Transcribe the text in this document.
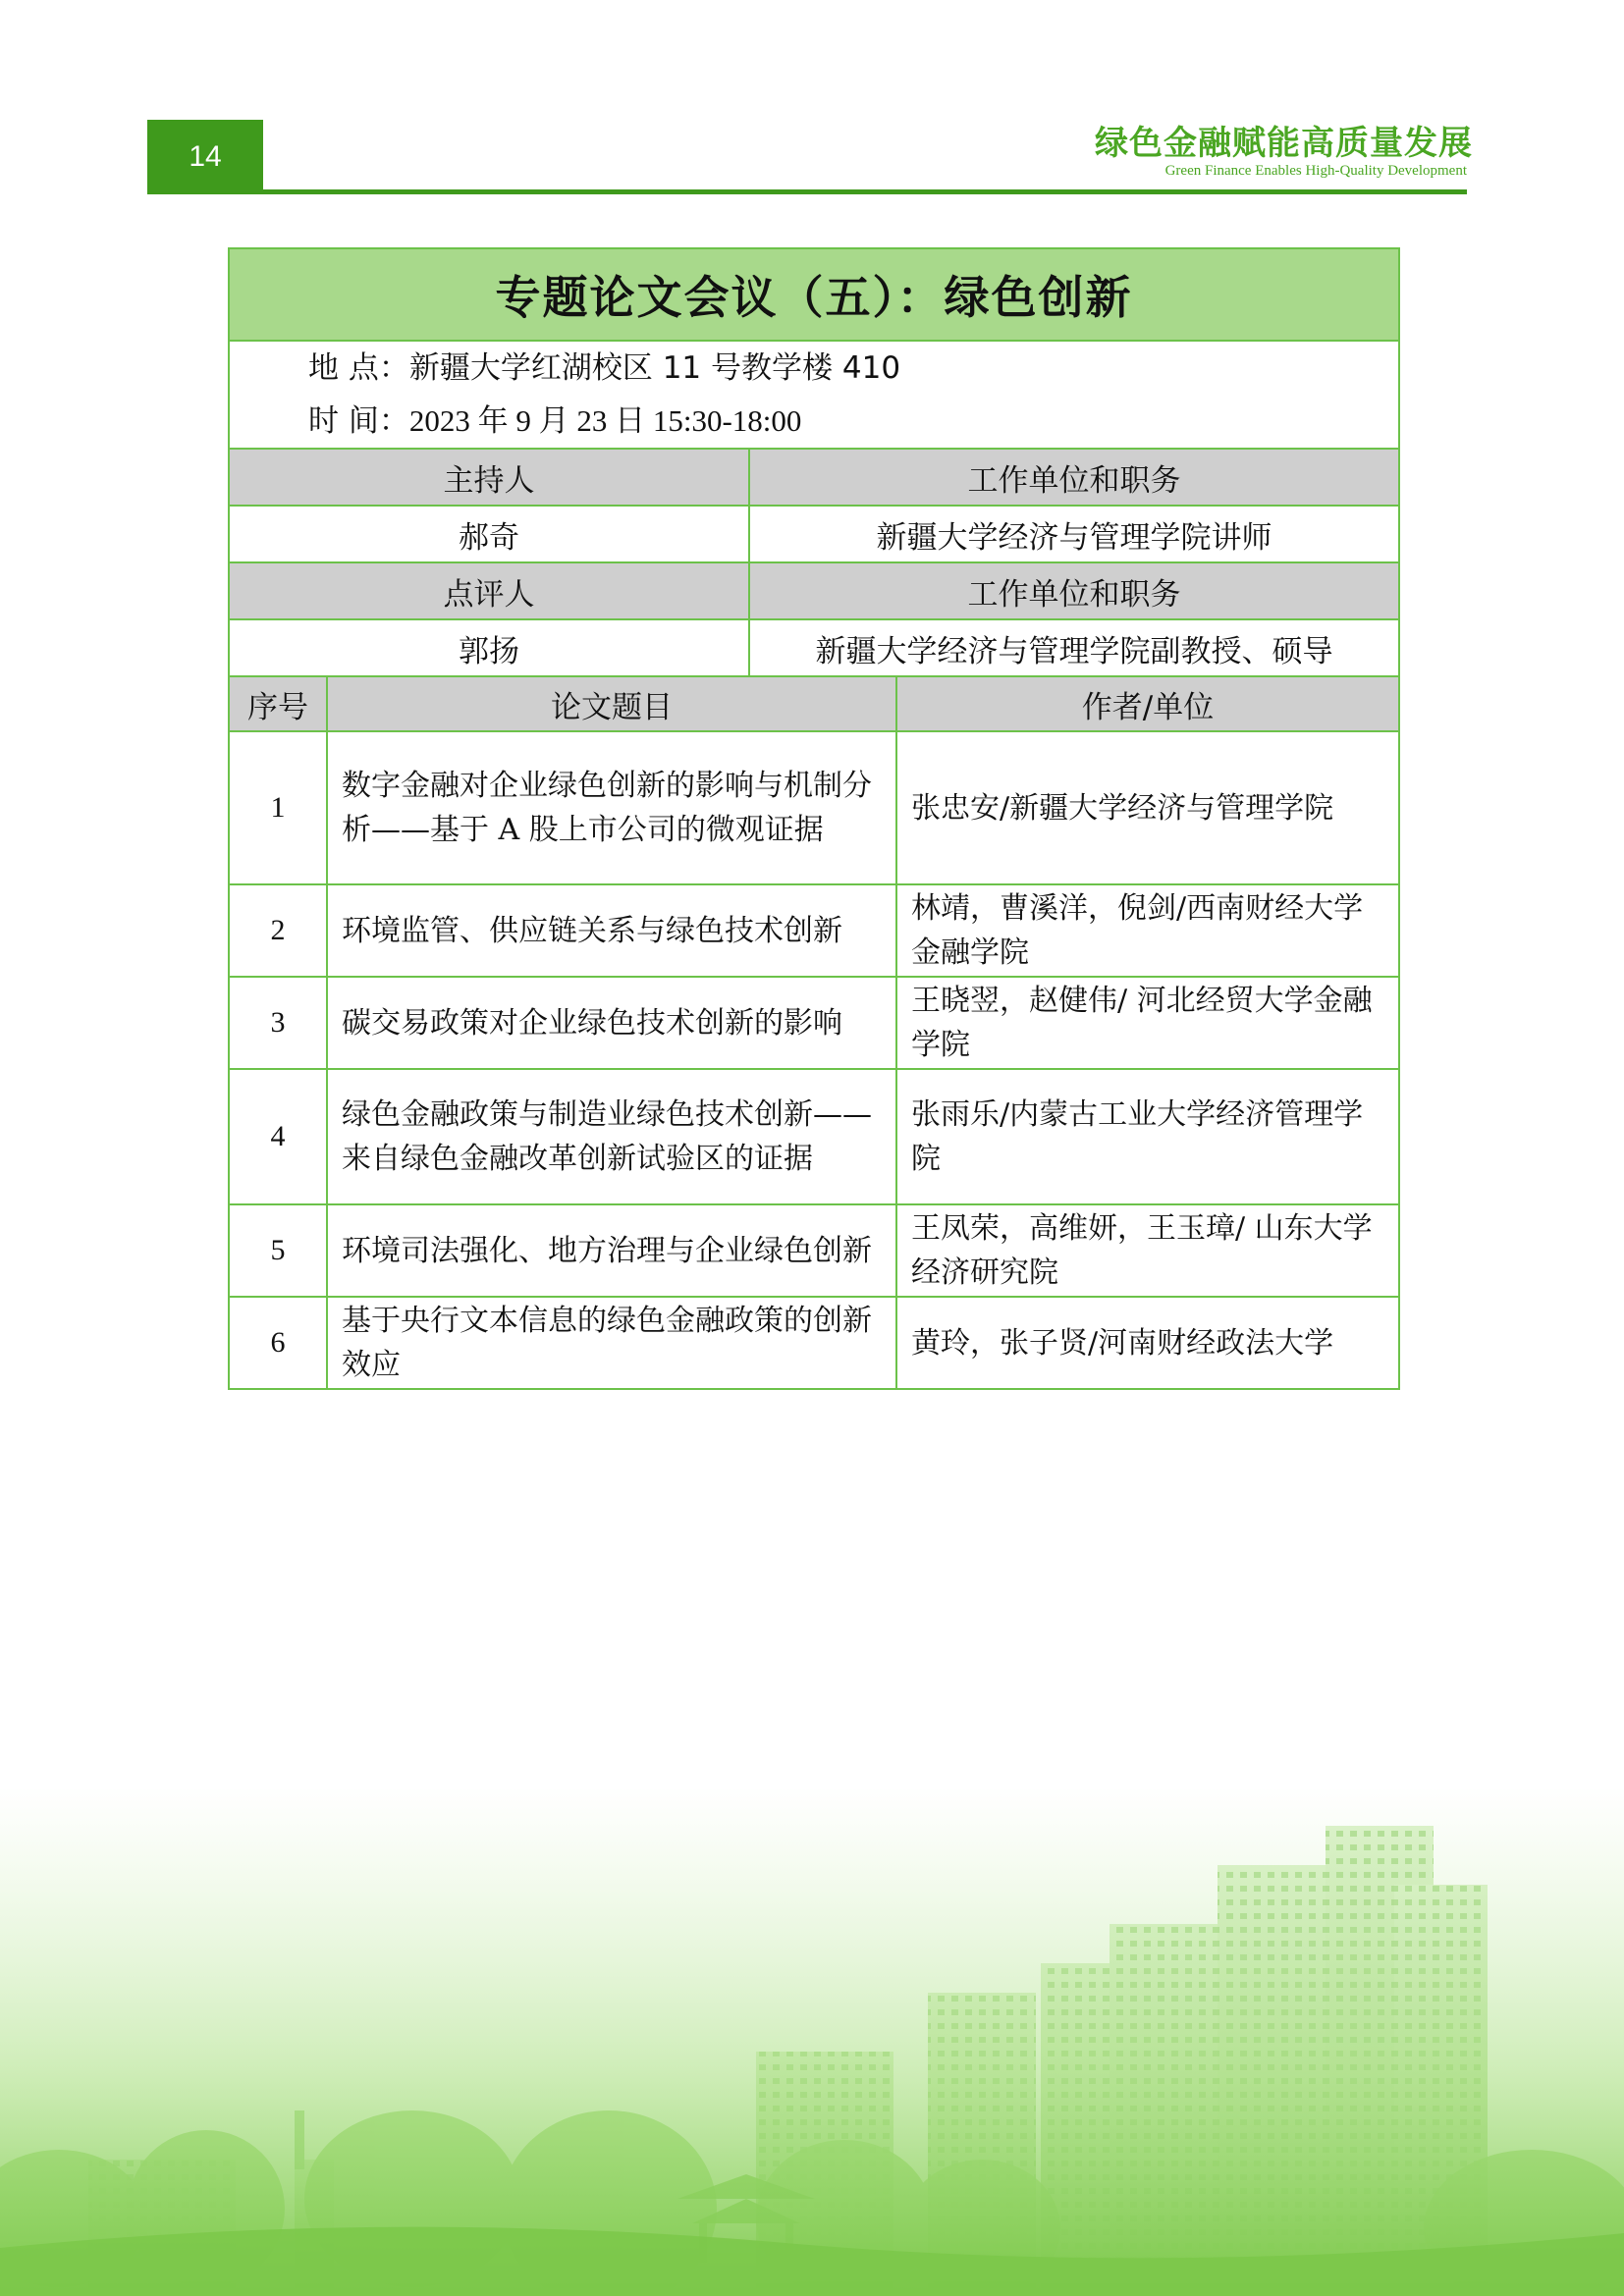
14	绿色金融赋能高质量发展
Green Finance Enables High-Quality Development
专题论文会议（五）：绿色创新			

地 点：新疆大学红湖校区 11 号教学楼 410
时 间：2023 年 9 月 23 日 15:30-18:00			

主持人		工作单位和职务	
郝奇		新疆大学经济与管理学院讲师	
点评人		工作单位和职务	
郭扬		新疆大学经济与管理学院副教授、硕导	
序号	论文题目		作者/单位
1	数字金融对企业绿色创新的影响与机制分析——基于 A 股上市公司的微观证据		张忠安/新疆大学经济与管理学院
2	环境监管、供应链关系与绿色技术创新		林靖，曹溪洋，倪剑/西南财经大学金融学院
3	碳交易政策对企业绿色技术创新的影响		王晓翌，赵健伟/ 河北经贸大学金融学院
4	绿色金融政策与制造业绿色技术创新——来自绿色金融改革创新试验区的证据		张雨乐/内蒙古工业大学经济管理学院
5	环境司法强化、地方治理与企业绿色创新		王凤荣，高维妍，王玉璋/ 山东大学经济研究院
6	基于央行文本信息的绿色金融政策的创新效应		黄玲，张子贤/河南财经政法大学
